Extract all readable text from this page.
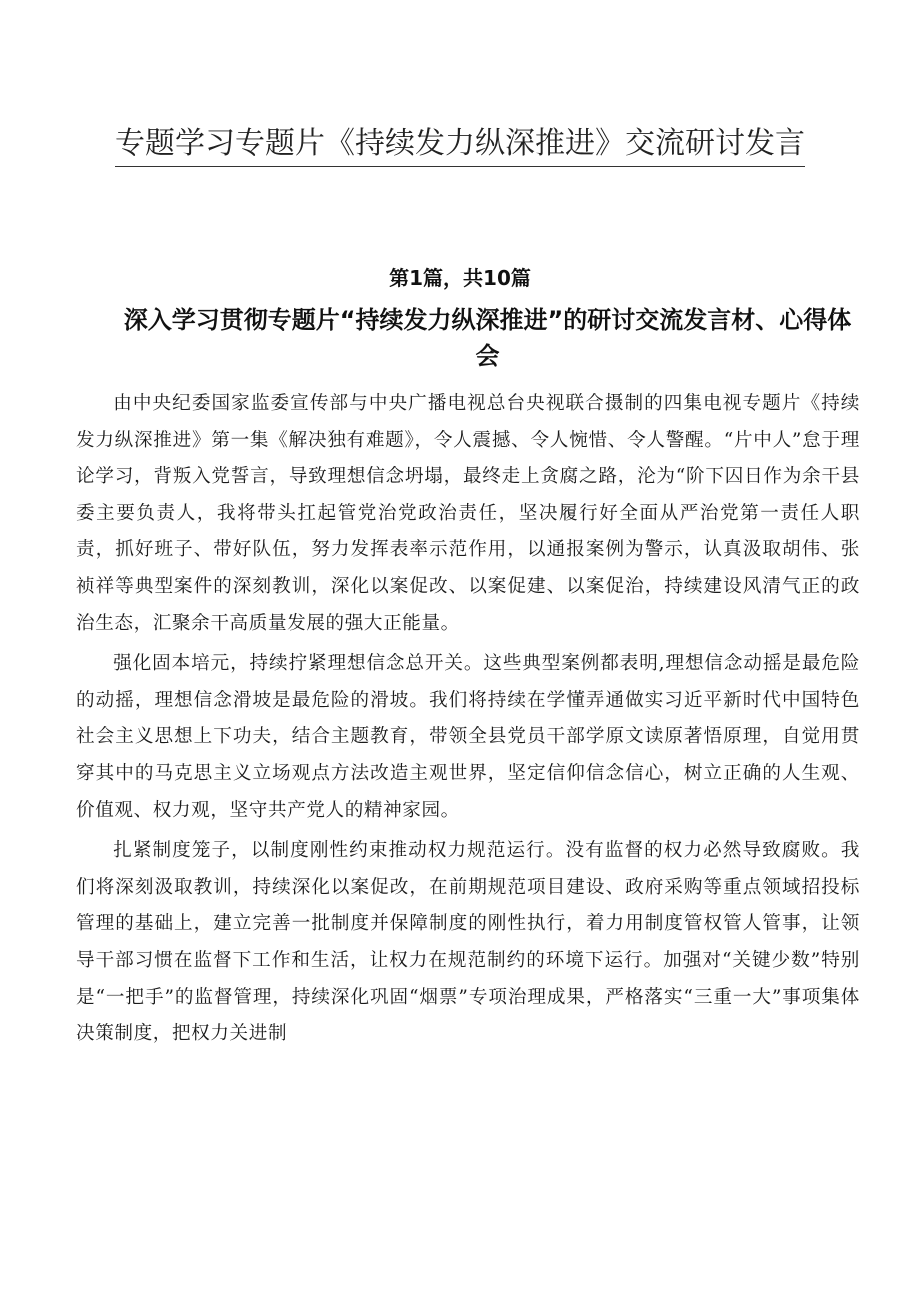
专题学习专题片《持续发力纵深推进》交流研讨发言
第1篇，共10篇
深入学习贯彻专题片“持续发力纵深推进”的研讨交流发言材、心得体会

由中央纪委国家监委宣传部与中央广播电视总台央视联合摄制的四集电视专题片《持续发力纵深推进》第一集《解决独有难题》，令人震撼、令人惋惜、令人警醒。“片中人”怠于理论学习，背叛入党誓言，导致理想信念坍塌，最终走上贪腐之路，沦为“阶下囚日作为余干县委主要负责人，我将带头扛起管党治党政治责任，坚决履行好全面从严治党第一责任人职责，抓好班子、带好队伍，努力发挥表率示范作用，以通报案例为警示，认真汲取胡伟、张祯祥等典型案件的深刻教训，深化以案促改、以案促建、以案促治，持续建设风清气正的政治生态，汇聚余干高质量发展的强大正能量。

强化固本培元，持续拧紧理想信念总开关。这些典型案例都表明,理想信念动摇是最危险的动摇，理想信念滑坡是最危险的滑坡。我们将持续在学懂弄通做实习近平新时代中国特色社会主义思想上下功夫，结合主题教育，带领全县党员干部学原文读原著悟原理，自觉用贯穿其中的马克思主义立场观点方法改造主观世界，坚定信仰信念信心，树立正确的人生观、价值观、权力观，坚守共产党人的精神家园。

扎紧制度笼子，以制度刚性约束推动权力规范运行。没有监督的权力必然导致腐败。我们将深刻汲取教训，持续深化以案促改，在前期规范项目建设、政府采购等重点领域招投标管理的基础上，建立完善一批制度并保障制度的刚性执行，着力用制度管权管人管事，让领导干部习惯在监督下工作和生活，让权力在规范制约的环境下运行。加强对“关键少数”特别是“一把手”的监督管理，持续深化巩固“烟票”专项治理成果，严格落实“三重一大”事项集体决策制度，把权力关进制
